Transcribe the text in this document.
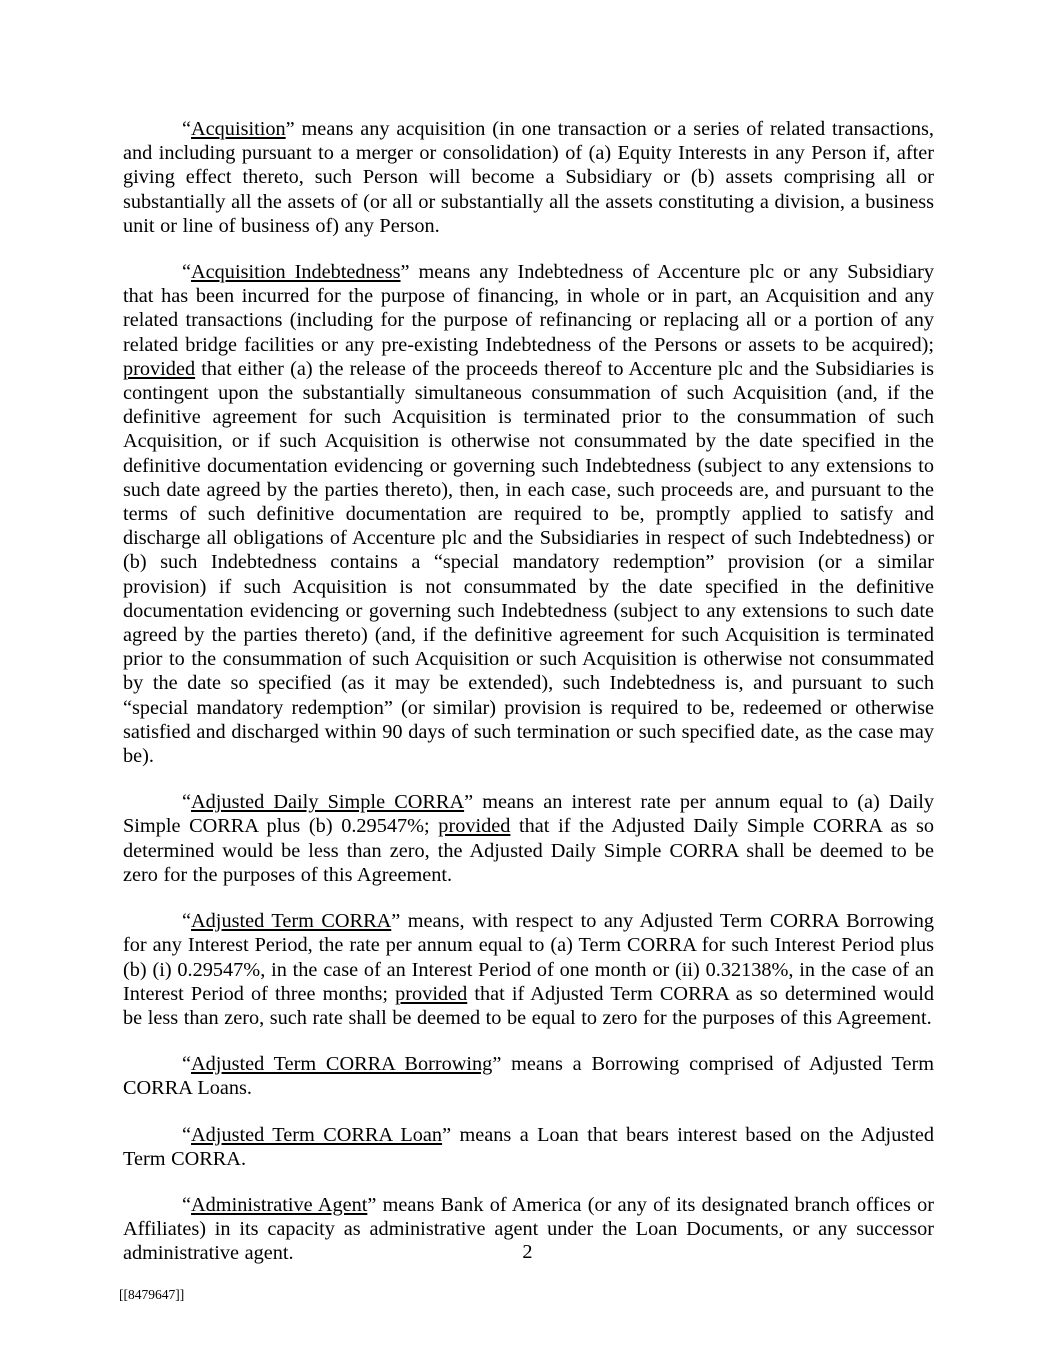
“Acquisition” means any acquisition (in one transaction or a series of related transactions, and including pursuant to a merger or consolidation) of (a) Equity Interests in any Person if, after giving effect thereto, such Person will become a Subsidiary or (b) assets comprising all or substantially all the assets of (or all or substantially all the assets constituting a division, a business unit or line of business of) any Person.

“Acquisition Indebtedness” means any Indebtedness of Accenture plc or any Subsidiary that has been incurred for the purpose of financing, in whole or in part, an Acquisition and any related transactions (including for the purpose of refinancing or replacing all or a portion of any related bridge facilities or any pre-existing Indebtedness of the Persons or assets to be acquired); provided that either (a) the release of the proceeds thereof to Accenture plc and the Subsidiaries is contingent upon the substantially simultaneous consummation of such Acquisition (and, if the definitive agreement for such Acquisition is terminated prior to the consummation of such Acquisition, or if such Acquisition is otherwise not consummated by the date specified in the definitive documentation evidencing or governing such Indebtedness (subject to any extensions to such date agreed by the parties thereto), then, in each case, such proceeds are, and pursuant to the terms of such definitive documentation are required to be, promptly applied to satisfy and discharge all obligations of Accenture plc and the Subsidiaries in respect of such Indebtedness) or (b) such Indebtedness contains a “special mandatory redemption” provision (or a similar provision) if such Acquisition is not consummated by the date specified in the definitive documentation evidencing or governing such Indebtedness (subject to any extensions to such date agreed by the parties thereto) (and, if the definitive agreement for such Acquisition is terminated prior to the consummation of such Acquisition or such Acquisition is otherwise not consummated by the date so specified (as it may be extended), such Indebtedness is, and pursuant to such “special mandatory redemption” (or similar) provision is required to be, redeemed or otherwise satisfied and discharged within 90 days of such termination or such specified date, as the case may be).

“Adjusted Daily Simple CORRA” means an interest rate per annum equal to (a) Daily Simple CORRA plus (b) 0.29547%; provided that if the Adjusted Daily Simple CORRA as so determined would be less than zero, the Adjusted Daily Simple CORRA shall be deemed to be zero for the purposes of this Agreement.

“Adjusted Term CORRA” means, with respect to any Adjusted Term CORRA Borrowing for any Interest Period, the rate per annum equal to (a) Term CORRA for such Interest Period plus (b) (i) 0.29547%, in the case of an Interest Period of one month or (ii) 0.32138%, in the case of an Interest Period of three months; provided that if Adjusted Term CORRA as so determined would be less than zero, such rate shall be deemed to be equal to zero for the purposes of this Agreement.

“Adjusted Term CORRA Borrowing” means a Borrowing comprised of Adjusted Term CORRA Loans.

“Adjusted Term CORRA Loan” means a Loan that bears interest based on the Adjusted Term CORRA.

“Administrative Agent” means Bank of America (or any of its designated branch offices or Affiliates) in its capacity as administrative agent under the Loan Documents, or any successor administrative agent.	2
[[8479647]]
